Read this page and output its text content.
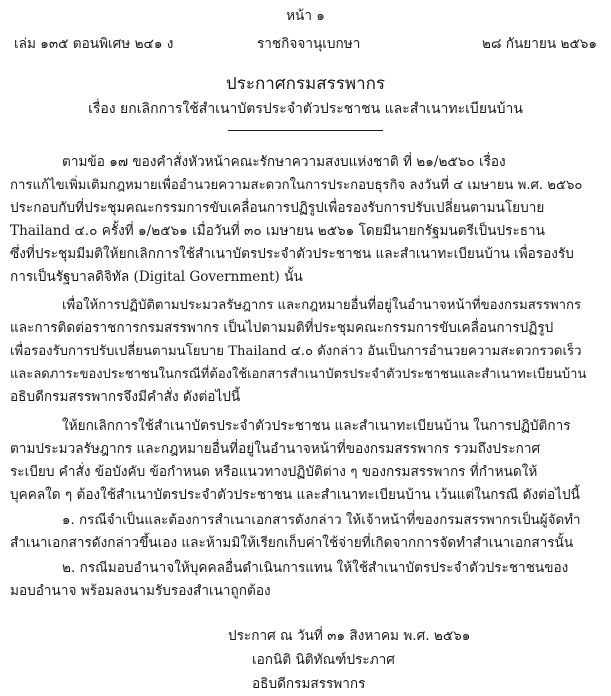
หน้า ๑
เล่ม ๑๓๕ ตอนพิเศษ ๒๔๑ ง	ราชกิจจานุเบกษา	๒๘ กันยายน ๒๕๖๑
ประกาศกรมสรรพากร
เรื่อง ยกเลิกการใช้สำเนาบัตรประจำตัวประชาชน และสำเนาทะเบียนบ้าน
ตามข้อ ๑๗ ของคำสั่งหัวหน้าคณะรักษาความสงบแห่งชาติ ที่ ๒๑/๒๕๖๐ เรื่อง
การแก้ไขเพิ่มเติมกฎหมายเพื่ออำนวยความสะดวกในการประกอบธุรกิจ ลงวันที่ ๔ เมษายน พ.ศ. ๒๕๖๐
ประกอบกับที่ประชุมคณะกรรมการขับเคลื่อนการปฏิรูปเพื่อรองรับการปรับเปลี่ยนตามนโยบาย
Thailand ๔.๐ ครั้งที่ ๑/๒๕๖๑ เมื่อวันที่ ๓๐ เมษายน ๒๕๖๑ โดยมีนายกรัฐมนตรีเป็นประธาน
ซึ่งที่ประชุมมีมติให้ยกเลิกการใช้สำเนาบัตรประจำตัวประชาชน และสำเนาทะเบียนบ้าน เพื่อรองรับ
การเป็นรัฐบาลดิจิทัล (Digital Government) นั้น
เพื่อให้การปฏิบัติตามประมวลรัษฎากร และกฎหมายอื่นที่อยู่ในอำนาจหน้าที่ของกรมสรรพากร
และการติดต่อราชการกรมสรรพากร เป็นไปตามมติที่ประชุมคณะกรรมการขับเคลื่อนการปฏิรูป
เพื่อรองรับการปรับเปลี่ยนตามนโยบาย Thailand ๔.๐ ดังกล่าว อันเป็นการอำนวยความสะดวกรวดเร็ว
และลดภาระของประชาชนในกรณีที่ต้องใช้เอกสารสำเนาบัตรประจำตัวประชาชนและสำเนาทะเบียนบ้าน
อธิบดีกรมสรรพากรจึงมีคำสั่ง ดังต่อไปนี้
ให้ยกเลิกการใช้สำเนาบัตรประจำตัวประชาชน และสำเนาทะเบียนบ้าน ในการปฏิบัติการ
ตามประมวลรัษฎากร และกฎหมายอื่นที่อยู่ในอำนาจหน้าที่ของกรมสรรพากร รวมถึงประกาศ
ระเบียบ คำสั่ง ข้อบังคับ ข้อกำหนด หรือแนวทางปฏิบัติต่าง ๆ ของกรมสรรพากร ที่กำหนดให้
บุคคลใด ๆ ต้องใช้สำเนาบัตรประจำตัวประชาชน และสำเนาทะเบียนบ้าน เว้นแต่ในกรณี ดังต่อไปนี้
๑. กรณีจำเป็นและต้องการสำเนาเอกสารดังกล่าว ให้เจ้าหน้าที่ของกรมสรรพากรเป็นผู้จัดทำ
สำเนาเอกสารดังกล่าวขึ้นเอง และห้ามมิให้เรียกเก็บค่าใช้จ่ายที่เกิดจากการจัดทำสำเนาเอกสารนั้น
๒. กรณีมอบอำนาจให้บุคคลอื่นดำเนินการแทน ให้ใช้สำเนาบัตรประจำตัวประชาชนของ
มอบอำนาจ พร้อมลงนามรับรองสำเนาถูกต้อง
ประกาศ ณ วันที่ ๓๑ สิงหาคม พ.ศ. ๒๕๖๑
เอกนิติ นิติทัณฑ์ประภาศ
อธิบดีกรมสรรพากร
